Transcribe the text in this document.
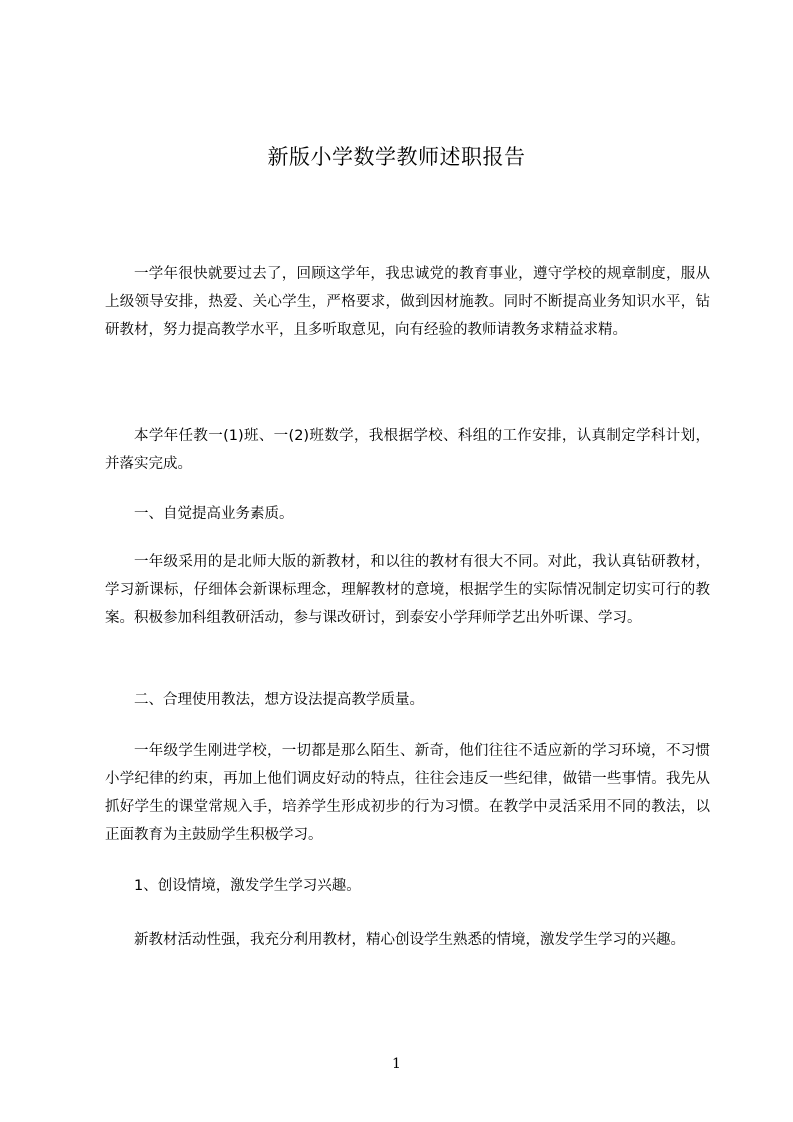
新版小学数学教师述职报告

一学年很快就要过去了，回顾这学年，我忠诚党的教育事业，遵守学校的规章制度，服从上级领导安排，热爱、关心学生，严格要求，做到因材施教。同时不断提高业务知识水平，钻研教材，努力提高教学水平，且多听取意见，向有经验的教师请教务求精益求精。

本学年任教一(1)班、一(2)班数学，我根据学校、科组的工作安排，认真制定学科计划，并落实完成。

一、自觉提高业务素质。

一年级采用的是北师大版的新教材，和以往的教材有很大不同。对此，我认真钻研教材，学习新课标，仔细体会新课标理念，理解教材的意境，根据学生的实际情况制定切实可行的教案。积极参加科组教研活动，参与课改研讨，到泰安小学拜师学艺出外听课、学习。

二、合理使用教法，想方设法提高教学质量。

一年级学生刚进学校，一切都是那么陌生、新奇，他们往往不适应新的学习环境，不习惯小学纪律的约束，再加上他们调皮好动的特点，往往会违反一些纪律，做错一些事情。我先从抓好学生的课堂常规入手，培养学生形成初步的行为习惯。在教学中灵活采用不同的教法，以正面教育为主鼓励学生积极学习。

1、创设情境，激发学生学习兴趣。

新教材活动性强，我充分利用教材，精心创设学生熟悉的情境，激发学生学习的兴趣。

1
